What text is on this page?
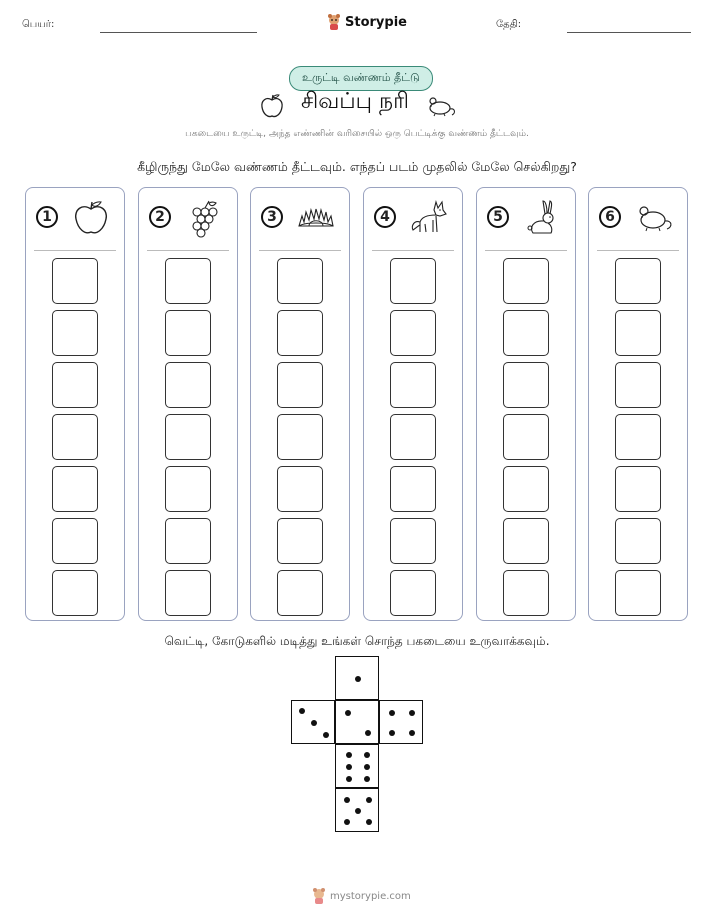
பெயர்:	Storypie	தேதி:
உருட்டி வண்ணம் தீட்டு
சிவப்பு நரி
பகடையை உருட்டி, அந்த எண்ணின் வரிசையில் ஒரு பெட்டிக்கு வண்ணம் தீட்டவும்.
கீழிருந்து மேலே வண்ணம் தீட்டவும். எந்தப் படம் முதலில் மேலே செல்கிறது?
1	2	3	4	5	6
வெட்டி, கோடுகளில் மடித்து உங்கள் சொந்த பகடையை உருவாக்கவும்.
mystorypie.com
